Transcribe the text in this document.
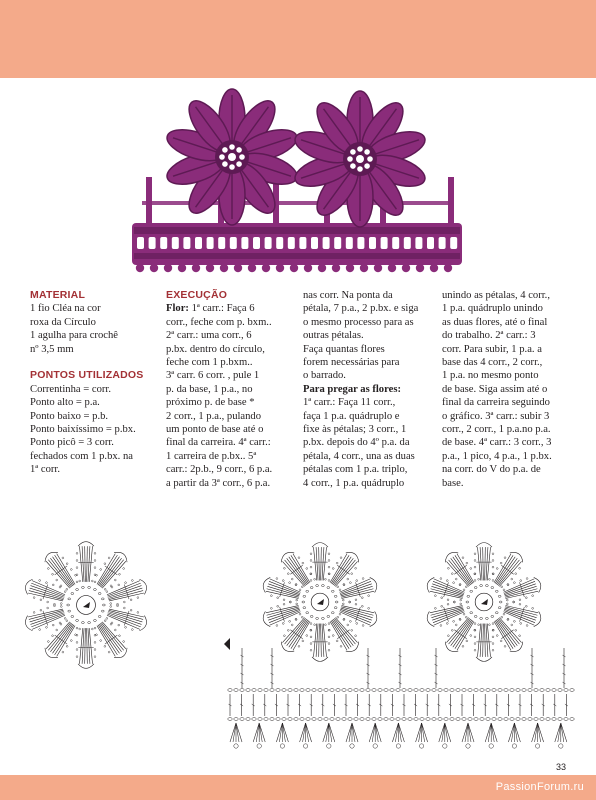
MATERIAL

1 fio Cléa na cor

roxa da Círculo

1 agulha para crochê

nº 3,5 mm

PONTOS UTILIZADOS

Correntinha = corr.

Ponto alto = p.a.

Ponto baixo = p.b.

Ponto baixíssimo = p.bx.

Ponto picô = 3 corr.

fechados com 1 p.bx. na

1ª corr.

EXECUÇÃO

Flor: 1ª carr.: Faça 6

corr., feche com p. bxm..

2ª carr.: uma corr., 6

p.bx. dentro do círculo,

feche com 1 p.bxm..

3ª carr. 6 corr. , pule 1

p. da base, 1 p.a., no

próximo p. de base *

2 corr., 1 p.a., pulando

um ponto de base até o

final da carreira. 4ª carr.:

1 carreira de p.bx.. 5ª

carr.: 2p.b., 9 corr., 6 p.a.

a partir da 3ª corr., 6 p.a.

nas corr. Na ponta da

pétala, 7 p.a., 2 p.bx. e siga

o mesmo processo para as

outras pétalas.

Faça quantas flores

forem necessárias para

o barrado.

Para pregar as flores:

1ª carr.: Faça 11 corr.,

faça 1 p.a. quádruplo e

fixe às pétalas; 3 corr., 1

p.bx. depois do 4º p.a. da

pétala, 4 corr., una as duas

pétalas com 1 p.a. triplo,

4 corr., 1 p.a. quádruplo

unindo as pétalas, 4 corr.,

1 p.a. quádruplo unindo

as duas flores, até o final

do trabalho. 2ª carr.: 3

corr. Para subir, 1 p.a. a

base das 4 corr., 2 corr.,

1 p.a. no mesmo ponto

de base. Siga assim até o

final da carreira seguindo

o gráfico. 3ª carr.: subir 3

corr., 2 corr., 1 p.a.no p.a.

de base. 4ª carr.: 3 corr., 3

p.a., 1 pico, 4 p.a., 1 p.bx.

na corr. do V do p.a. de

base.

33
PassionForum.ru
